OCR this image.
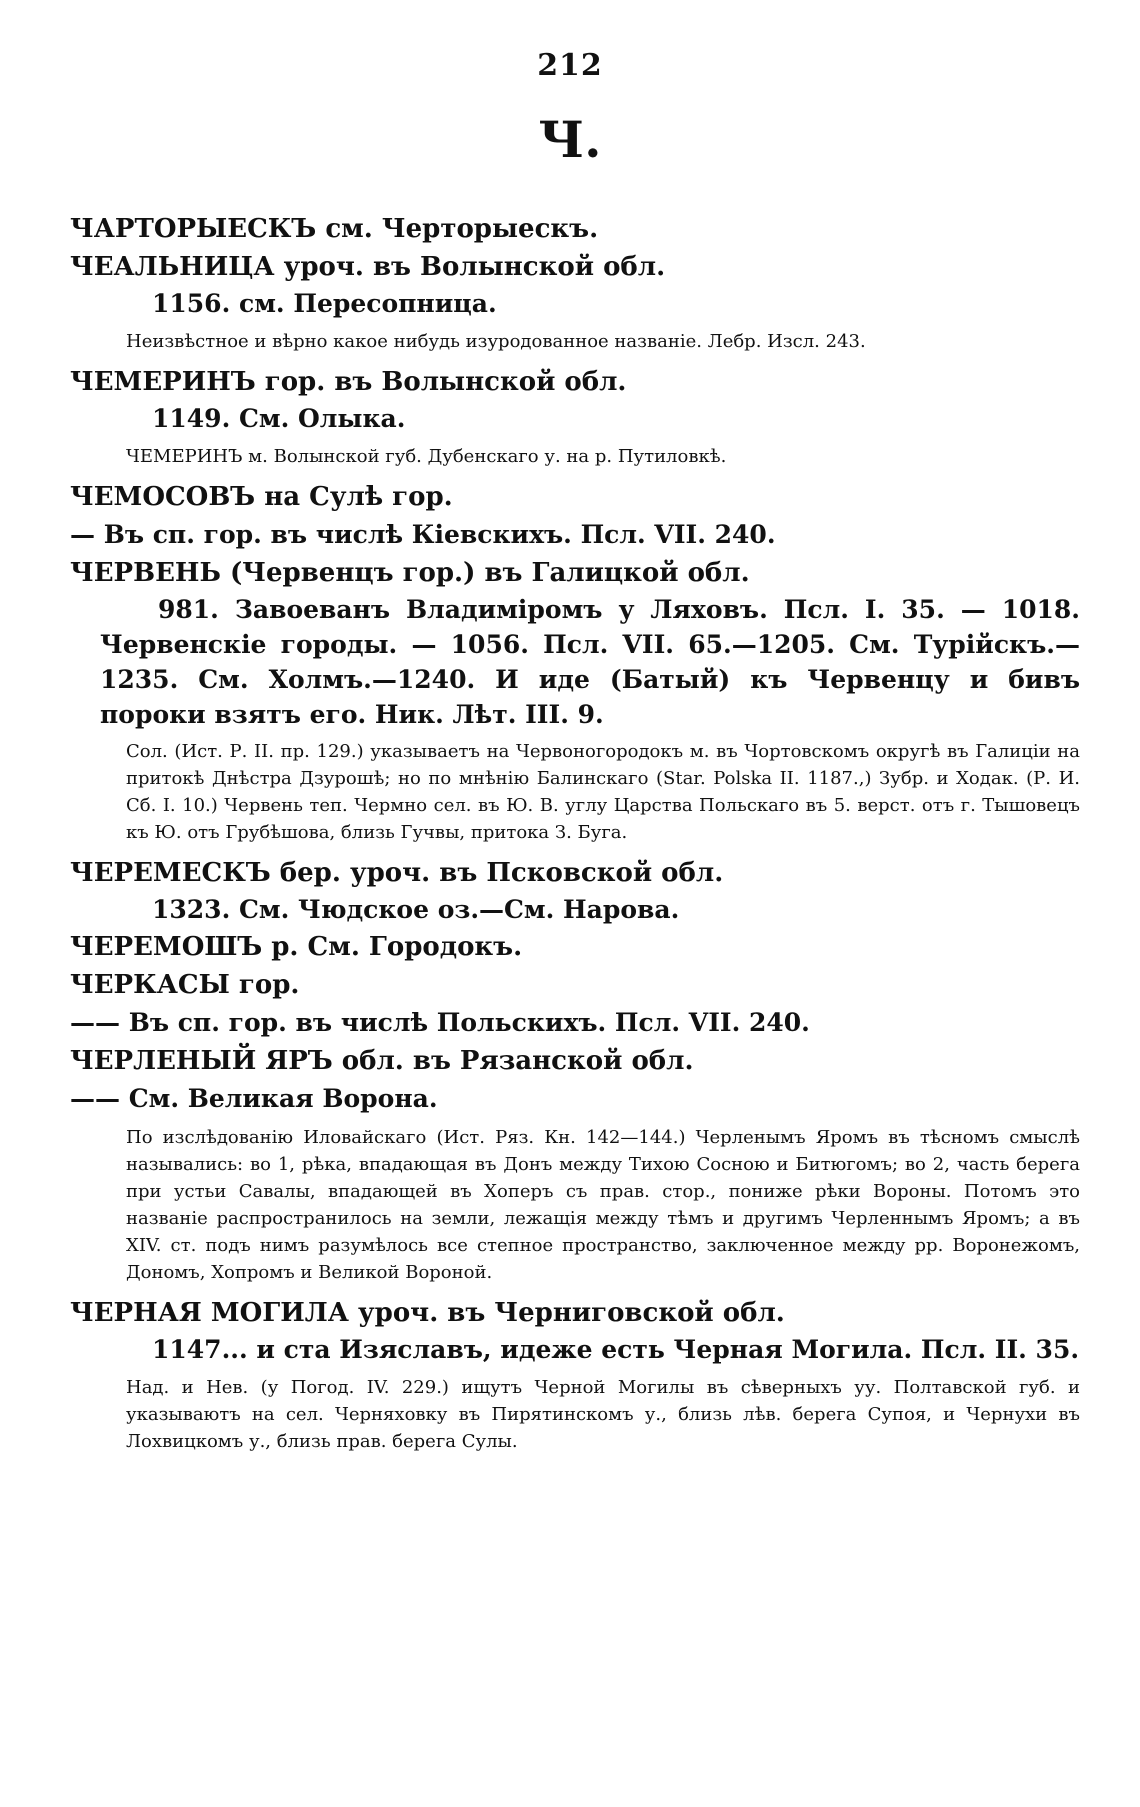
212
Ч.

ЧАРТОРЫЕСКЪ см. Черторыескъ.

ЧЕАЛЬНИЦА уроч. въ Волынской обл.

1156. см. Пересопница.

Неизвѣстное и вѣрно какое нибудь изуродованное названіе. Лебр. Изсл. 243.

ЧЕМЕРИНЪ гор. въ Волынской обл.

1149. См. Олыка.

ЧЕМЕРИНЪ м. Волынской губ. Дубенскаго у. на р. Путиловкѣ.

ЧЕМОСОВЪ на Сулѣ гор.

— Въ сп. гор. въ числѣ Кіевскихъ. Псл. VII. 240.

ЧЕРВЕНЬ (Червенцъ гор.) въ Галицкой обл.

981. Завоеванъ Владиміромъ у Ляховъ. Псл. I. 35. — 1018. Червенскіе городы. — 1056. Псл. VII. 65.—1205. См. Турійскъ.—1235. См. Холмъ.—1240. И иде (Батый) къ Червенцу и бивъ пороки взятъ его. Ник. Лѣт. III. 9.

Сол. (Ист. Р. II. пр. 129.) указываетъ на Червоногородокъ м. въ Чортовскомъ округѣ въ Галиціи на притокѣ Днѣстра Дзурошѣ; но по мнѣнію Балинскаго (Star. Polska II. 1187.,) Зубр. и Ходак. (Р. И. Сб. I. 10.) Червень теп. Чермно сел. въ Ю. В. углу Царства Польскаго въ 5. верст. отъ г. Тышовецъ къ Ю. отъ Грубѣшова, близь Гучвы, притока З. Буга.

ЧЕРЕМЕСКЪ бер. уроч. въ Псковской обл.

1323. См. Чюдское оз.—См. Нарова.

ЧЕРЕМОШЪ р. См. Городокъ.

ЧЕРКАСЫ гор.

—— Въ сп. гор. въ числѣ Польскихъ. Псл. VII. 240.

ЧЕРЛЕНЫЙ ЯРЪ обл. въ Рязанской обл.

—— См. Великая Ворона.

По изслѣдованію Иловайскаго (Ист. Ряз. Кн. 142—144.) Черленымъ Яромъ въ тѣсномъ смыслѣ назывались: во 1, рѣка, впадающая въ Донъ между Тихою Сосною и Битюгомъ; во 2, часть берега при устьи Савалы, впадающей въ Хоперъ съ прав. стор., пониже рѣки Вороны. Потомъ это названіе распространилось на земли, лежащія между тѣмъ и другимъ Черленнымъ Яромъ; а въ XIV. ст. подъ нимъ разумѣлось все степное пространство, заключенное между рр. Воронежомъ, Дономъ, Хопромъ и Великой Вороной.

ЧЕРНАЯ МОГИЛА уроч. въ Черниговской обл.

1147... и ста Изяславъ, идеже есть Черная Могила. Псл. II. 35.

Над. и Нев. (у Погод. IV. 229.) ищутъ Черной Могилы въ сѣверныхъ уу. Полтавской губ. и указываютъ на сел. Черняховку въ Пирятинскомъ у., близь лѣв. берега Супоя, и Чернухи въ Лохвицкомъ у., близь прав. берега Сулы.
